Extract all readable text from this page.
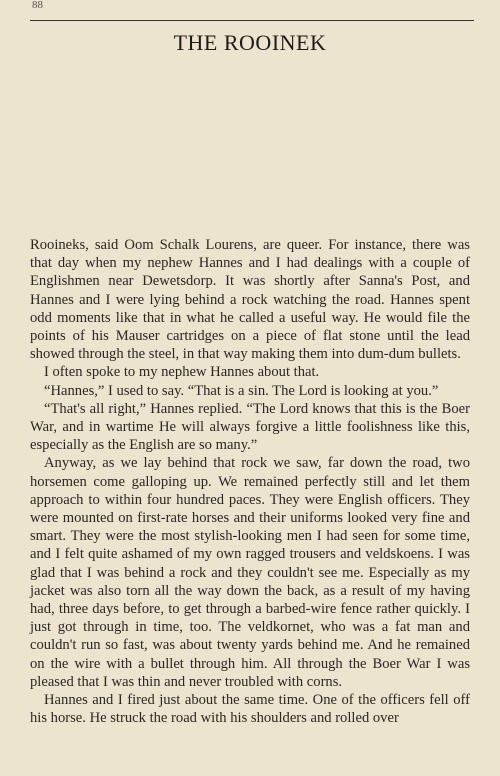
88
THE ROOINEK

Rooineks, said Oom Schalk Lourens, are queer. For instance, there was that day when my nephew Hannes and I had dealings with a couple of Englishmen near Dewetsdorp. It was shortly after Sanna's Post, and Hannes and I were lying behind a rock watching the road. Hannes spent odd moments like that in what he called a useful way. He would file the points of his Mauser cartridges on a piece of flat stone until the lead showed through the steel, in that way making them into dum-dum bullets.

I often spoke to my nephew Hannes about that.

“Hannes,” I used to say. “That is a sin. The Lord is looking at you.”

“That's all right,” Hannes replied. “The Lord knows that this is the Boer War, and in wartime He will always forgive a little foolishness like this, especially as the English are so many.”

Anyway, as we lay behind that rock we saw, far down the road, two horsemen come galloping up. We remained perfectly still and let them approach to within four hundred paces. They were English officers. They were mounted on first-rate horses and their uniforms looked very fine and smart. They were the most stylish-looking men I had seen for some time, and I felt quite ashamed of my own ragged trousers and veldskoens. I was glad that I was behind a rock and they couldn't see me. Especially as my jacket was also torn all the way down the back, as a result of my having had, three days before, to get through a barbed-wire fence rather quickly. I just got through in time, too. The veldkornet, who was a fat man and couldn't run so fast, was about twenty yards behind me. And he remained on the wire with a bullet through him. All through the Boer War I was pleased that I was thin and never troubled with corns.

Hannes and I fired just about the same time. One of the officers fell off his horse. He struck the road with his shoulders and rolled over
